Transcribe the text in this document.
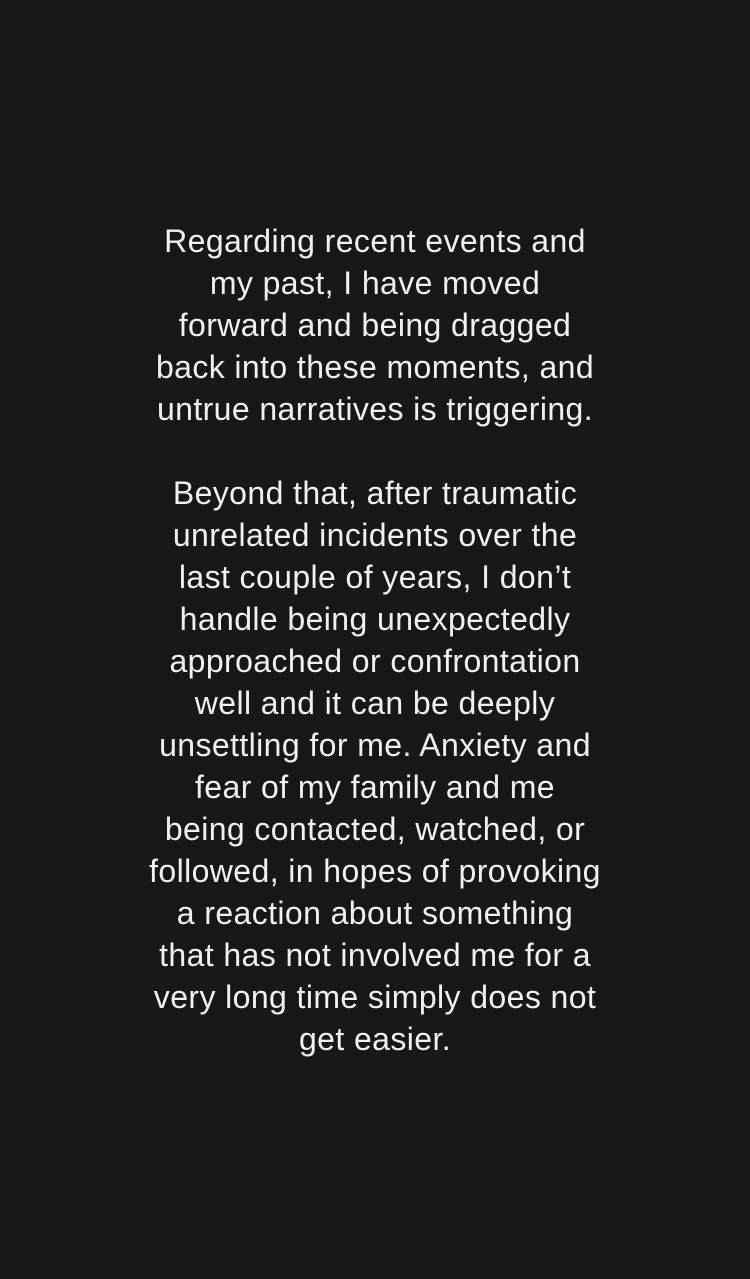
Regarding recent events and
my past, I have moved
forward and being dragged
back into these moments, and
untrue narratives is triggering.

Beyond that, after traumatic
unrelated incidents over the
last couple of years, I don’t
handle being unexpectedly
approached or confrontation
well and it can be deeply
unsettling for me. Anxiety and
fear of my family and me
being contacted, watched, or
followed, in hopes of provoking
a reaction about something
that has not involved me for a
very long time simply does not
get easier.
